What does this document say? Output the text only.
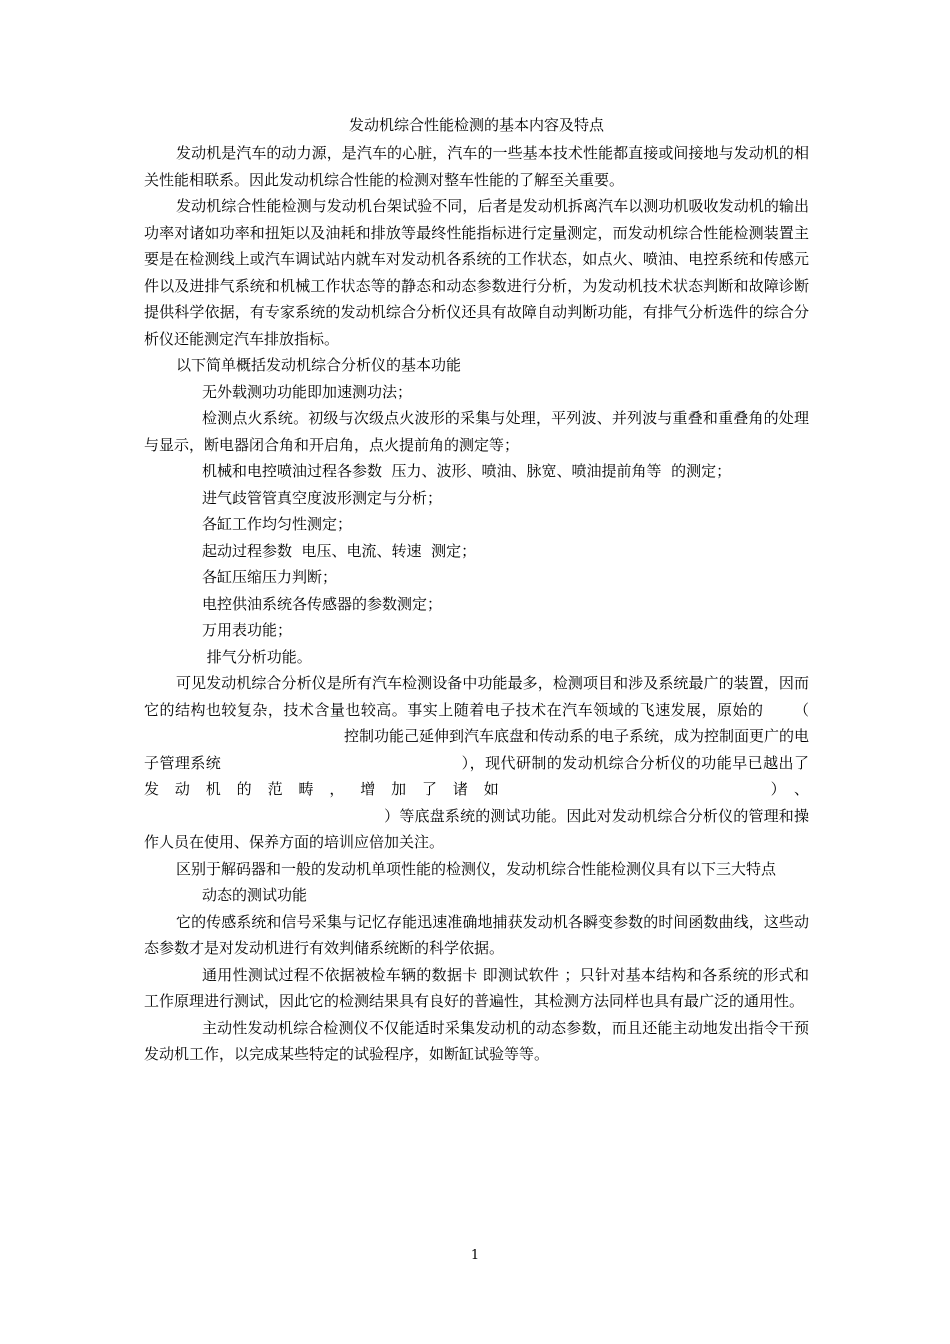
发动机综合性能检测的基本内容及特点

发动机是汽车的动力源，是汽车的心脏，汽车的一些基本技术性能都直接或间接地与发动机的相关性能相联系。因此发动机综合性能的检测对整车性能的了解至关重要。

发动机综合性能检测与发动机台架试验不同，后者是发动机拆离汽车以测功机吸收发动机的输出功率对诸如功率和扭矩以及油耗和排放等最终性能指标进行定量测定，而发动机综合性能检测装置主要是在检测线上或汽车调试站内就车对发动机各系统的工作状态，如点火、喷油、电控系统和传感元件以及进排气系统和机械工作状态等的静态和动态参数进行分析，为发动机技术状态判断和故障诊断提供科学依据，有专家系统的发动机综合分析仪还具有故障自动判断功能，有排气分析选件的综合分析仪还能测定汽车排放指标。

以下简单概括发动机综合分析仪的基本功能

无外载测功功能即加速测功法；

检测点火系统。初级与次级点火波形的采集与处理，平列波、并列波与重叠和重叠角的处理与显示，断电器闭合角和开启角，点火提前角的测定等；

机械和电控喷油过程各参数  压力、波形、喷油、脉宽、喷油提前角等  的测定；

进气歧管管真空度波形测定与分析；

各缸工作均匀性测定；

起动过程参数  电压、电流、转速  测定；

各缸压缩压力判断；

电控供油系统各传感器的参数测定；

万用表功能；

排气分析功能。

可见发动机综合分析仪是所有汽车检测设备中功能最多，检测项目和涉及系统最广的装置，因而它的结构也较复杂，技术含量也较高。事实上随着电子技术在汽车领域的飞速发展，原始的 （控制功能己延伸到汽车底盘和传动系的电子系统，成为控制面更广的电子管理系统	），现代研制的发动机综合分析仪的功能早已越出了发动机的范畴，增加了诸如	）、）等底盘系统的测试功能。因此对发动机综合分析仪的管理和操作人员在使用、保养方面的培训应倍加关注。

区别于解码器和一般的发动机单项性能的检测仪，发动机综合性能检测仪具有以下三大特点

动态的测试功能

它的传感系统和信号采集与记忆存能迅速准确地捕获发动机各瞬变参数的时间函数曲线，这些动态参数才是对发动机进行有效判储系统断的科学依据。

通用性测试过程不依据被检车辆的数据卡 即测试软件 ；只针对基本结构和各系统的形式和工作原理进行测试，因此它的检测结果具有良好的普遍性，其检测方法同样也具有最广泛的通用性。

主动性发动机综合检测仪不仅能适时采集发动机的动态参数，而且还能主动地发出指令干预发动机工作，以完成某些特定的试验程序，如断缸试验等等。

1
